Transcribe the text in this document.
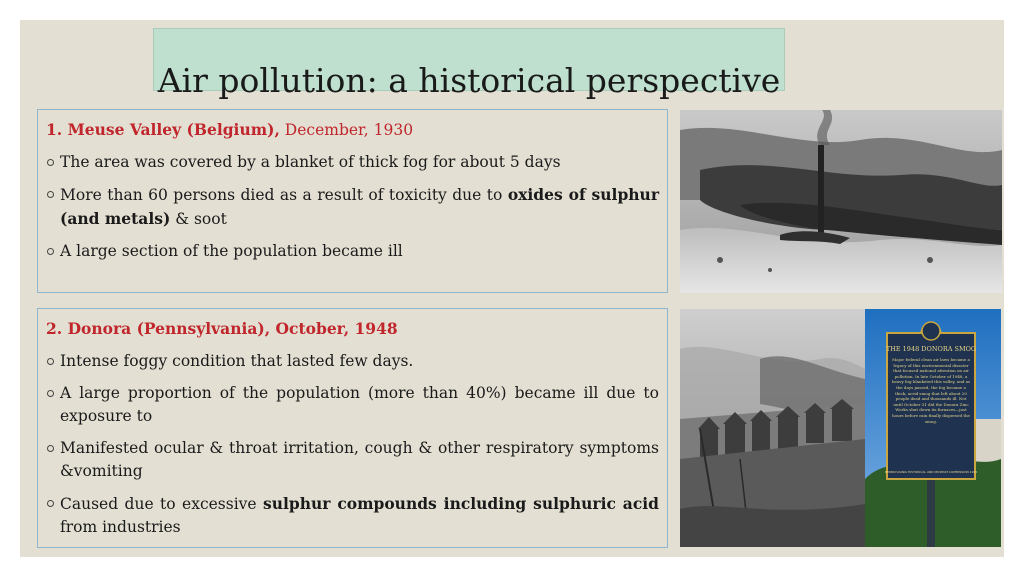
Air pollution: a historical perspective
1. Meuse Valley (Belgium), December, 1930
The area was covered by a blanket of thick fog for about 5 days
More than 60 persons died as a result of toxicity due to oxides of sulphur (and metals) & soot
A large section of the population became ill
2. Donora (Pennsylvania), October, 1948
Intense foggy condition that lasted few days.
A large proportion of the population (more than 40%) became ill due to exposure to
Manifested ocular & throat irritation, cough & other respiratory symptoms &vomiting
Caused due to excessive sulphur compounds including sulphuric acid from industries
THE 1948 DONORA SMOG
Major federal clean air laws became a legacy of this environmental disaster that focused national attention on air pollution. In late October of 1948, a heavy fog blanketed this valley, and as the days passed, the fog became a thick, acrid smog that left about 20 people dead and thousands ill. Not until October 31 did the Donora Zinc Works shut down its furnaces—just hours before rain finally dispersed the smog.
PENNSYLVANIA HISTORICAL AND MUSEUM COMMISSION 1995
